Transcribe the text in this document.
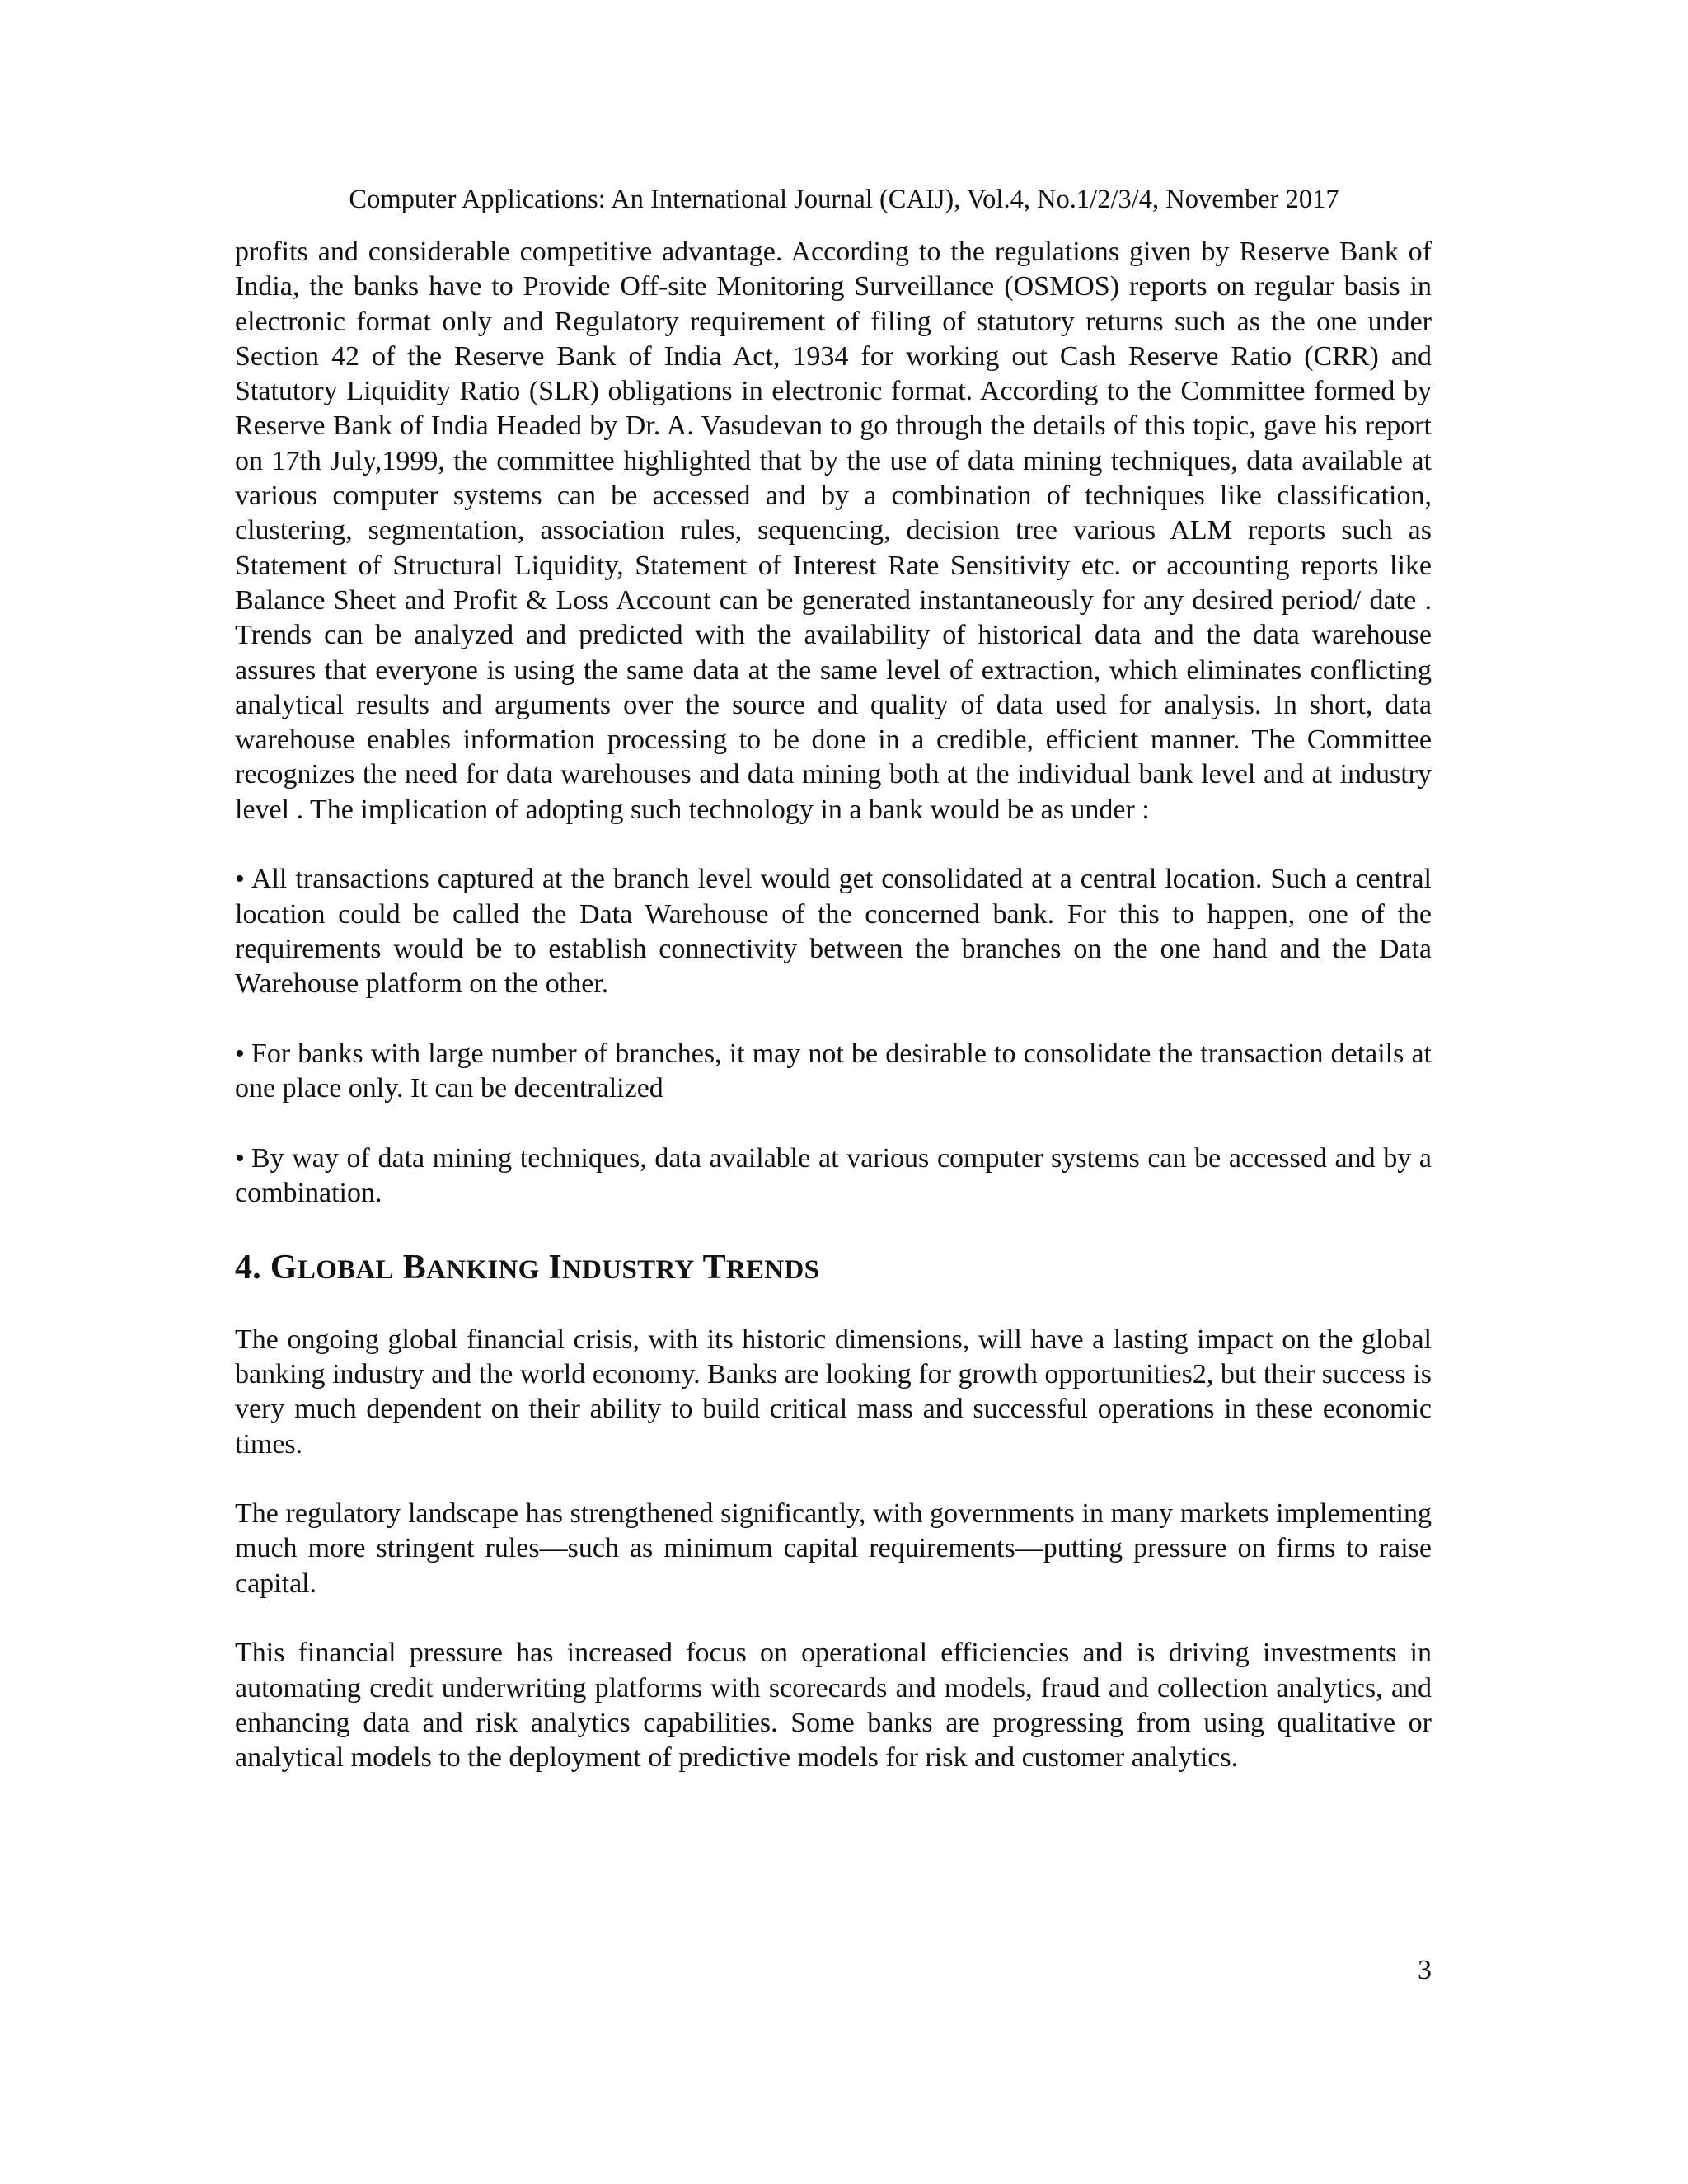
Computer Applications: An International Journal (CAIJ), Vol.4, No.1/2/3/4, November 2017

profits and considerable competitive advantage. According to the regulations given by Reserve Bank of India, the banks have to Provide Off-site Monitoring Surveillance (OSMOS) reports on regular basis in electronic format only and Regulatory requirement of filing of statutory returns such as the one under Section 42 of the Reserve Bank of India Act, 1934 for working out Cash Reserve Ratio (CRR) and Statutory Liquidity Ratio (SLR) obligations in electronic format. According to the Committee formed by Reserve Bank of India Headed by Dr. A. Vasudevan to go through the details of this topic, gave his report on 17th July,1999, the committee highlighted that by the use of data mining techniques, data available at various computer systems can be accessed and by a combination of techniques like classification, clustering, segmentation, association rules, sequencing, decision tree various ALM reports such as Statement of Structural Liquidity, Statement of Interest Rate Sensitivity etc. or accounting reports like Balance Sheet and Profit & Loss Account can be generated instantaneously for any desired period/ date . Trends can be analyzed and predicted with the availability of historical data and the data warehouse assures that everyone is using the same data at the same level of extraction, which eliminates conflicting analytical results and arguments over the source and quality of data used for analysis. In short, data warehouse enables information processing to be done in a credible, efficient manner. The Committee recognizes the need for data warehouses and data mining both at the individual bank level and at industry level . The implication of adopting such technology in a bank would be as under :

• All transactions captured at the branch level would get consolidated at a central location. Such a central location could be called the Data Warehouse of the concerned bank. For this to happen, one of the requirements would be to establish connectivity between the branches on the one hand and the Data Warehouse platform on the other.

• For banks with large number of branches, it may not be desirable to consolidate the transaction details at one place only. It can be decentralized

• By way of data mining techniques, data available at various computer systems can be accessed and by a combination.

4. GLOBAL BANKING INDUSTRY TRENDS

The ongoing global financial crisis, with its historic dimensions, will have a lasting impact on the global banking industry and the world economy. Banks are looking for growth opportunities2, but their success is very much dependent on their ability to build critical mass and successful operations in these economic times.

The regulatory landscape has strengthened significantly, with governments in many markets implementing much more stringent rules—such as minimum capital requirements—putting pressure on firms to raise capital.

This financial pressure has increased focus on operational efficiencies and is driving investments in automating credit underwriting platforms with scorecards and models, fraud and collection analytics, and enhancing data and risk analytics capabilities. Some banks are progressing from using qualitative or analytical models to the deployment of predictive models for risk and customer analytics.

3
